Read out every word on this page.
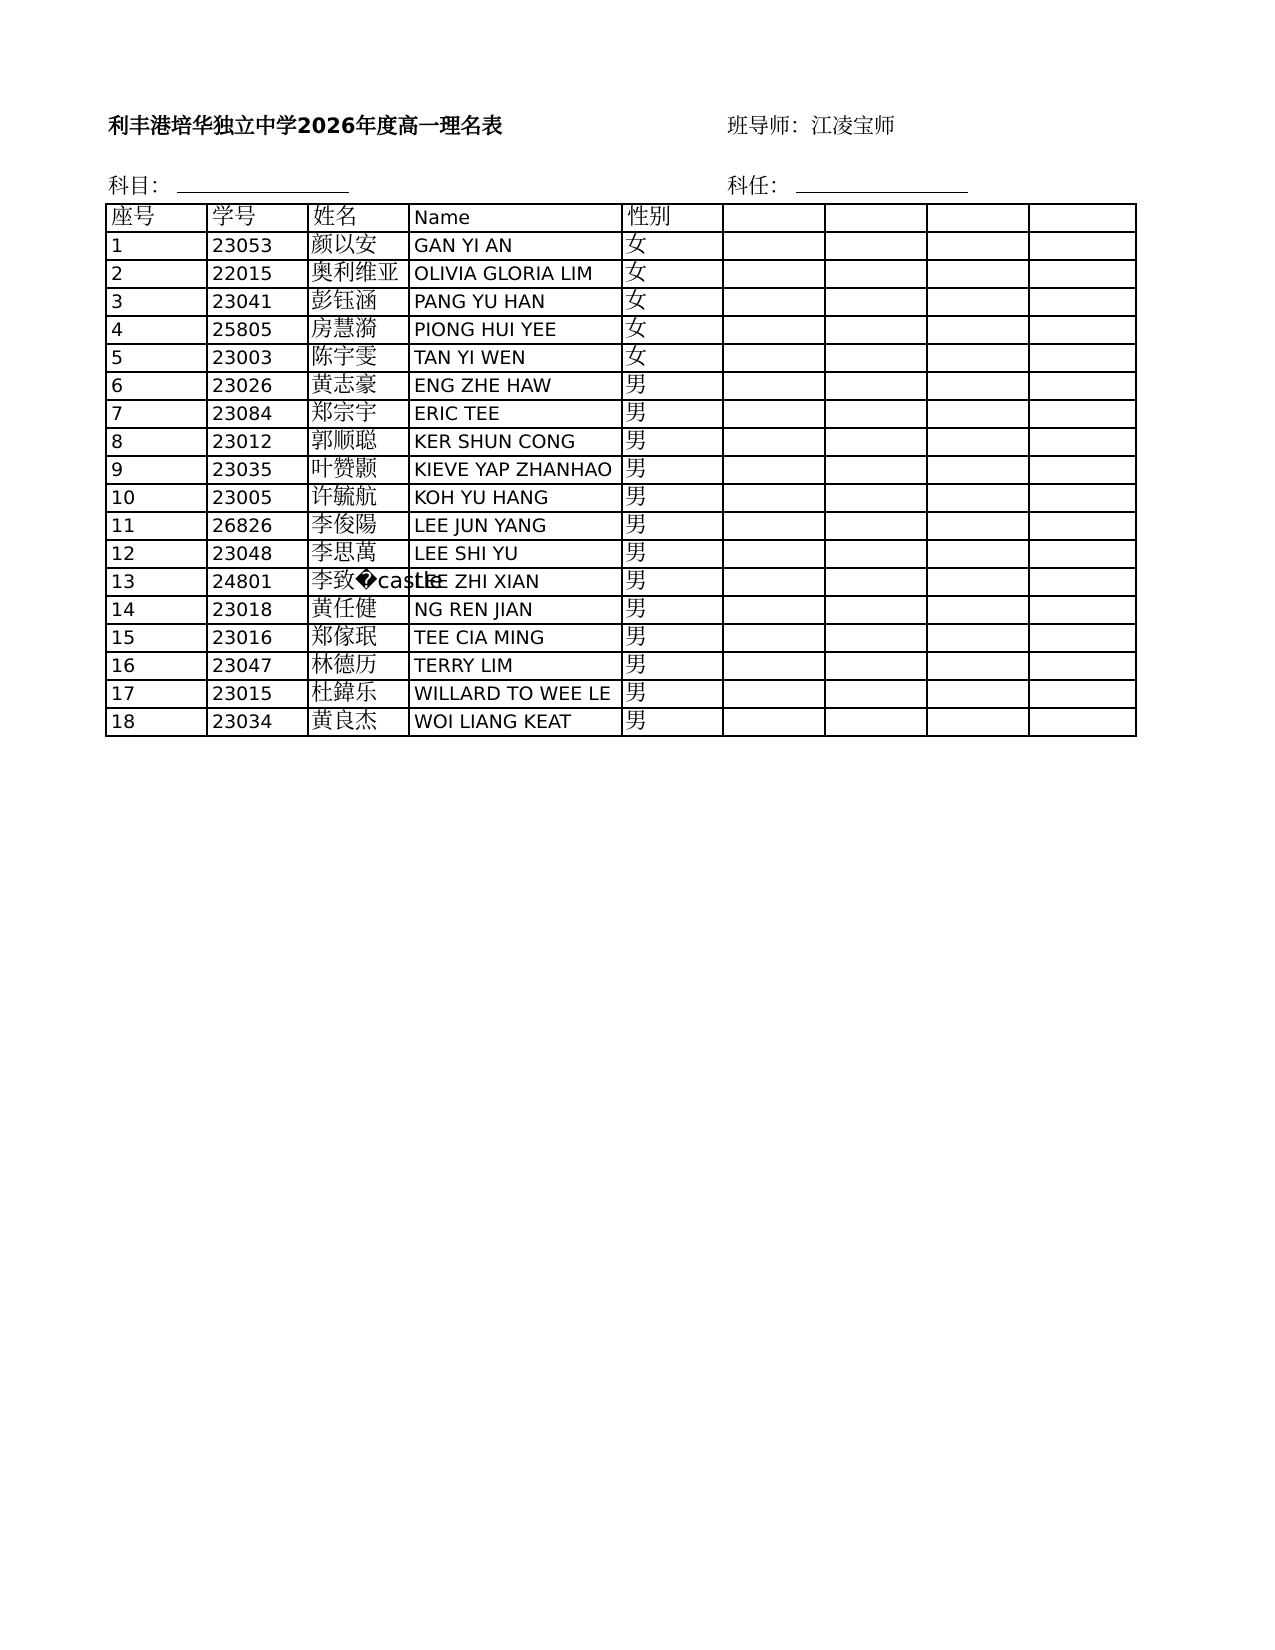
利丰港培华独立中学2026年度高一理名表	班导师：江凌宝师
科目：	科任：
座号	学号	姓名	Name	性别				
1	23053	颜以安	GAN YI AN	女				
2	22015	奥利维亚	OLIVIA GLORIA LIM	女				
3	23041	彭钰涵	PANG YU HAN	女				
4	25805	房慧漪	PIONG HUI YEE	女				
5	23003	陈宇雯	TAN YI WEN	女				
6	23026	黄志豪	ENG ZHE HAW	男				
7	23084	郑宗宇	ERIC TEE	男				
8	23012	郭顺聪	KER SHUN CONG	男				
9	23035	叶赞颢	KIEVE YAP ZHANHAO	男				
10	23005	许毓航	KOH YU HANG	男				
11	26826	李俊陽	LEE JUN YANG	男				
12	23048	李思萬	LEE SHI YU	男				
13	24801	李致�castle	LEE ZHI XIAN	男				
14	23018	黄任健	NG REN JIAN	男				
15	23016	郑傢珉	TEE CIA MING	男				
16	23047	林德历	TERRY LIM	男				
17	23015	杜鍏乐	WILLARD TO WEE LE	男				
18	23034	黄良杰	WOI LIANG KEAT	男				
